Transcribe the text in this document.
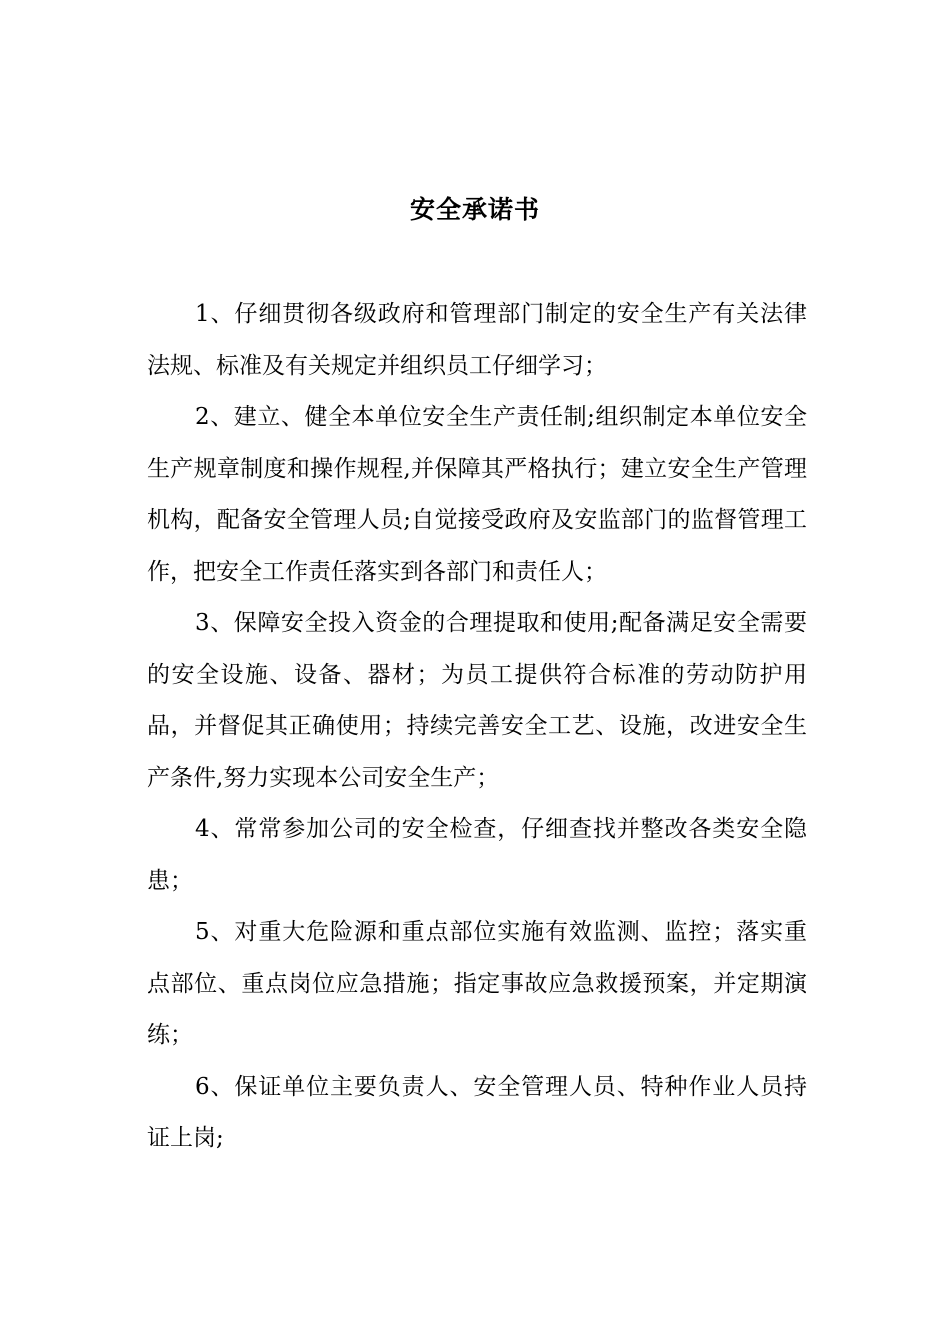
安全承诺书

1、仔细贯彻各级政府和管理部门制定的安全生产有关法律法规、标准及有关规定并组织员工仔细学习；

2、建立、健全本单位安全生产责任制;组织制定本单位安全生产规章制度和操作规程,并保障其严格执行；建立安全生产管理机构，配备安全管理人员;自觉接受政府及安监部门的监督管理工作，把安全工作责任落实到各部门和责任人；

3、保障安全投入资金的合理提取和使用;配备满足安全需要的安全设施、设备、器材；为员工提供符合标准的劳动防护用品，并督促其正确使用；持续完善安全工艺、设施，改进安全生产条件,努力实现本公司安全生产；

4、常常参加公司的安全检查，仔细查找并整改各类安全隐患；

5、对重大危险源和重点部位实施有效监测、监控；落实重点部位、重点岗位应急措施；指定事故应急救援预案，并定期演练；

6、保证单位主要负责人、安全管理人员、特种作业人员持证上岗;
